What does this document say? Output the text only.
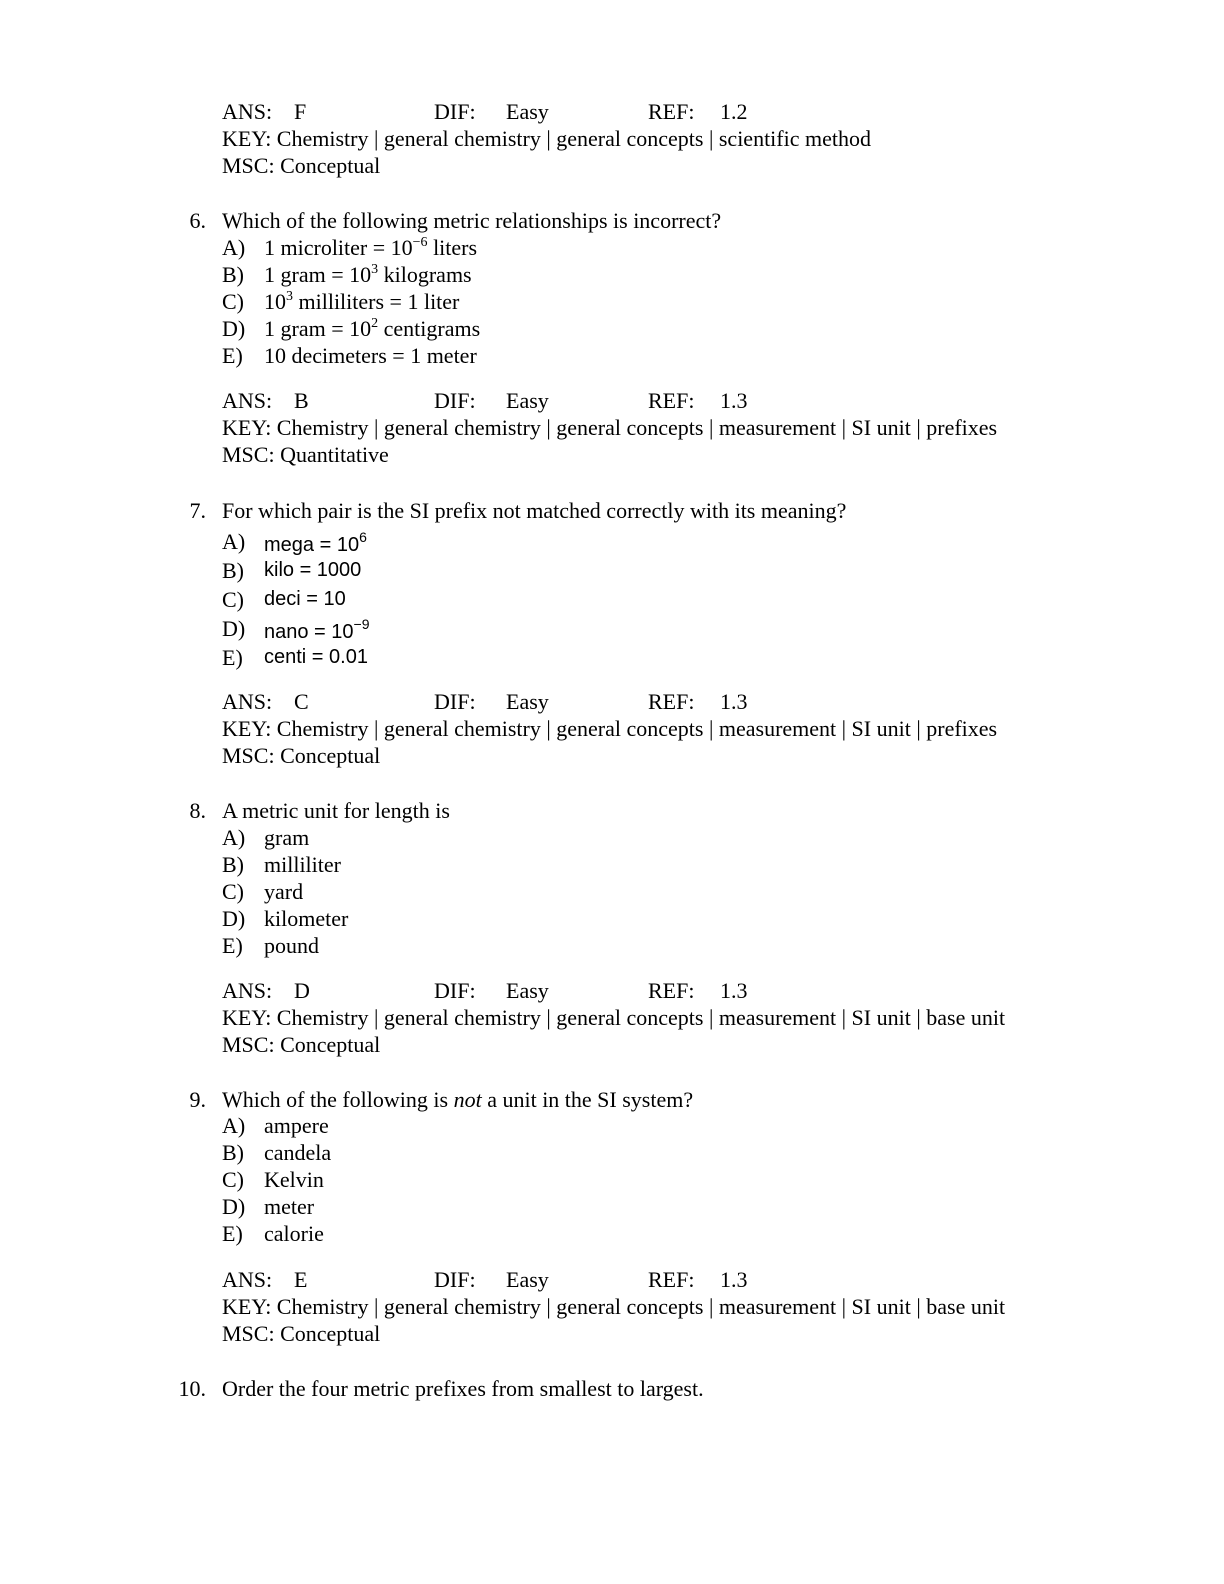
ANS: F	DIF: Easy	REF: 1.2
KEY: Chemistry | general chemistry | general concepts | scientific method
MSC: Conceptual
6. Which of the following metric relationships is incorrect?
A) 1 microliter = $10^{-6}$ liters
B) 1 gram = $10^3$ kilograms
C) $10^3$ milliliters = 1 liter
D) 1 gram = $10^2$ centigrams
E) 10 decimeters = 1 meter
ANS: B	DIF: Easy	REF: 1.3
KEY: Chemistry | general chemistry | general concepts | measurement | SI unit | prefixes
MSC: Quantitative
7. For which pair is the SI prefix not matched correctly with its meaning?
A) mega = $10^6$
B) kilo = 1000
C) deci = 10
D) nano = $10^{-9}$
E) centi = 0.01
ANS: C	DIF: Easy	REF: 1.3
KEY: Chemistry | general chemistry | general concepts | measurement | SI unit | prefixes
MSC: Conceptual
8. A metric unit for length is
A) gram
B) milliliter
C) yard
D) kilometer
E) pound
ANS: D	DIF: Easy	REF: 1.3
KEY: Chemistry | general chemistry | general concepts | measurement | SI unit | base unit
MSC: Conceptual
9. Which of the following is not a unit in the SI system?
A) ampere
B) candela
C) Kelvin
D) meter
E) calorie
ANS: E	DIF: Easy	REF: 1.3
KEY: Chemistry | general chemistry | general concepts | measurement | SI unit | base unit
MSC: Conceptual
10. Order the four metric prefixes from smallest to largest.
